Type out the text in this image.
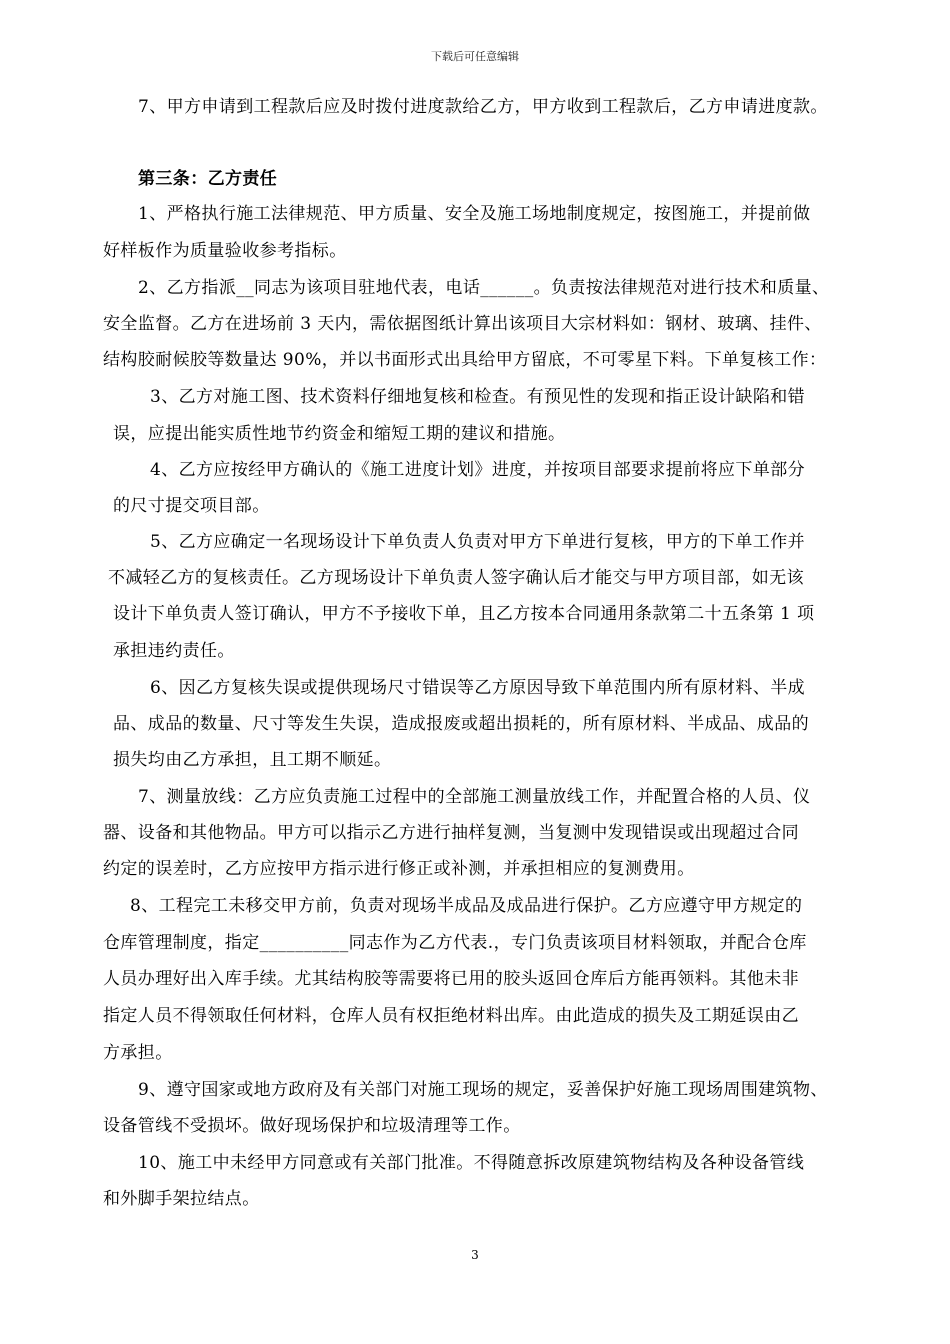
下载后可任意编辑
7、甲方申请到工程款后应及时拨付进度款给乙方，甲方收到工程款后，乙方申请进度款。
第三条：乙方责任
1、严格执行施工法律规范、甲方质量、安全及施工场地制度规定，按图施工，并提前做
好样板作为质量验收参考指标。
2、乙方指派__同志为该项目驻地代表，电话______。负责按法律规范对进行技术和质量、
安全监督。乙方在进场前 3 天内，需依据图纸计算出该项目大宗材料如：钢材、玻璃、挂件、
结构胶耐候胶等数量达 90%，并以书面形式出具给甲方留底，不可零星下料。下单复核工作：
3、乙方对施工图、技术资料仔细地复核和检查。有预见性的发现和指正设计缺陷和错
误，应提出能实质性地节约资金和缩短工期的建议和措施。
4、乙方应按经甲方确认的《施工进度计划》进度，并按项目部要求提前将应下单部分
的尺寸提交项目部。
5、乙方应确定一名现场设计下单负责人负责对甲方下单进行复核，甲方的下单工作并
不减轻乙方的复核责任。乙方现场设计下单负责人签字确认后才能交与甲方项目部，如无该
设计下单负责人签订确认，甲方不予接收下单，且乙方按本合同通用条款第二十五条第 1 项
承担违约责任。
6、因乙方复核失误或提供现场尺寸错误等乙方原因导致下单范围内所有原材料、半成
品、成品的数量、尺寸等发生失误，造成报废或超出损耗的，所有原材料、半成品、成品的
损失均由乙方承担，且工期不顺延。
7、测量放线：乙方应负责施工过程中的全部施工测量放线工作，并配置合格的人员、仪
器、设备和其他物品。甲方可以指示乙方进行抽样复测，当复测中发现错误或出现超过合同
约定的误差时，乙方应按甲方指示进行修正或补测，并承担相应的复测费用。
8、工程完工未移交甲方前，负责对现场半成品及成品进行保护。乙方应遵守甲方规定的
仓库管理制度，指定__________同志作为乙方代表.，专门负责该项目材料领取，并配合仓库
人员办理好出入库手续。尤其结构胶等需要将已用的胶头返回仓库后方能再领料。其他未非
指定人员不得领取任何材料，仓库人员有权拒绝材料出库。由此造成的损失及工期延误由乙
方承担。
9、遵守国家或地方政府及有关部门对施工现场的规定，妥善保护好施工现场周围建筑物、
设备管线不受损坏。做好现场保护和垃圾清理等工作。
10、施工中未经甲方同意或有关部门批准。不得随意拆改原建筑物结构及各种设备管线
和外脚手架拉结点。
3
